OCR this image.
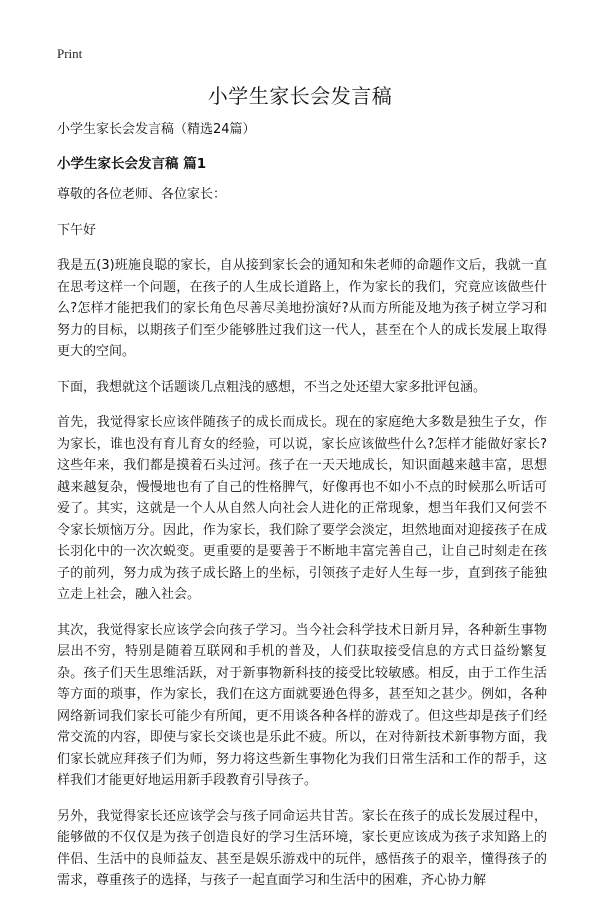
Print
小学生家长会发言稿

小学生家长会发言稿（精选24篇）

小学生家长会发言稿 篇1

尊敬的各位老师、各位家长：

下午好

我是五(3)班施良聪的家长，自从接到家长会的通知和朱老师的命题作文后，我就一直在思考这样一个问题，在孩子的人生成长道路上，作为家长的我们，究竟应该做些什么?怎样才能把我们的家长角色尽善尽美地扮演好?从而方所能及地为孩子树立学习和努力的目标，以期孩子们至少能够胜过我们这一代人，甚至在个人的成长发展上取得更大的空间。

下面，我想就这个话题谈几点粗浅的感想，不当之处还望大家多批评包涵。

首先，我觉得家长应该伴随孩子的成长而成长。现在的家庭绝大多数是独生子女，作为家长，谁也没有育儿育女的经验，可以说，家长应该做些什么?怎样才能做好家长?这些年来，我们都是摸着石头过河。孩子在一天天地成长，知识面越来越丰富，思想越来越复杂，慢慢地也有了自己的性格脾气，好像再也不如小不点的时候那么听话可爱了。其实，这就是一个人从自然人向社会人进化的正常现象，想当年我们又何尝不令家长烦恼万分。因此，作为家长，我们除了要学会淡定，坦然地面对迎接孩子在成长羽化中的一次次蜕变。更重要的是要善于不断地丰富完善自己，让自己时刻走在孩子的前列，努力成为孩子成长路上的坐标，引领孩子走好人生每一步，直到孩子能独立走上社会，融入社会。

其次，我觉得家长应该学会向孩子学习。当今社会科学技术日新月异，各种新生事物层出不穷，特别是随着互联网和手机的普及，人们获取接受信息的方式日益纷繁复杂。孩子们天生思维活跃，对于新事物新科技的接受比较敏感。相反，由于工作生活等方面的琐事，作为家长，我们在这方面就要逊色得多，甚至知之甚少。例如，各种网络新词我们家长可能少有所闻，更不用谈各种各样的游戏了。但这些却是孩子们经常交流的内容，即使与家长交谈也是乐此不疲。所以，在对待新技术新事物方面，我们家长就应拜孩子们为师，努力将这些新生事物化为我们日常生活和工作的帮手，这样我们才能更好地运用新手段教育引导孩子。

另外，我觉得家长还应该学会与孩子同命运共甘苦。家长在孩子的成长发展过程中，能够做的不仅仅是为孩子创造良好的学习生活环境，家长更应该成为孩子求知路上的伴侣、生活中的良师益友、甚至是娱乐游戏中的玩伴，感悟孩子的艰辛，懂得孩子的需求，尊重孩子的选择，与孩子一起直面学习和生活中的困难，齐心协力解
